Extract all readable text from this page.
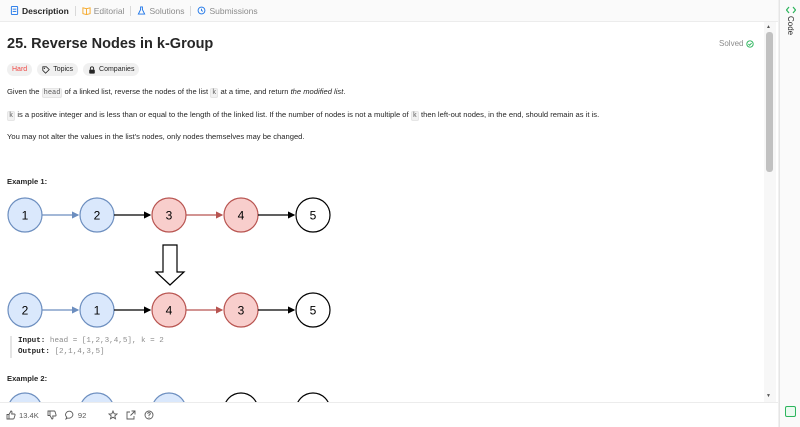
Description	Editorial	Solutions	Submissions
25. Reverse Nodes in k-Group	Solved
Hard	Topics	Companies
Given the head of a linked list, reverse the nodes of the list k at a time, and return the modified list.
k is a positive integer and is less than or equal to the length of the linked list. If the number of nodes is not a multiple of k then left-out nodes, in the end, should remain as it is.
You may not alter the values in the list's nodes, only nodes themselves may be changed.
Example 1:
1	2	3	4	5
2	1	4	3	5
Input: head = [1,2,3,4,5], k = 2
Output: [2,1,4,3,5]
Example 2:
▲
▼
13.4K	92
Code
